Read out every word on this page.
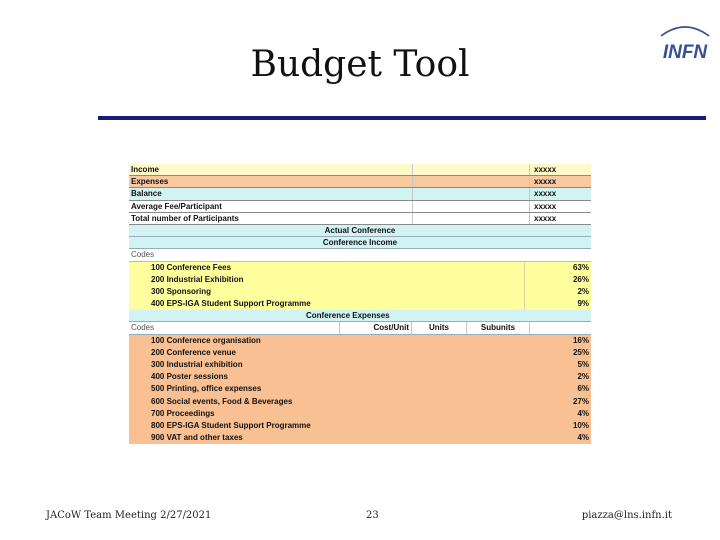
Budget Tool	INFN
Income	xxxxx
Expenses	xxxxx
Balance	xxxxx
Average Fee/Participant	xxxxx
Total number of Participants	xxxxx
Actual Conference
Conference Income
Codes
100 Conference Fees	63%
200 Industrial Exhibition	26%
300 Sponsoring	2%
400 EPS-IGA Student Support Programme	9%
Conference Expenses
Codes	Cost/Unit	Units	Subunits
100 Conference organisation	16%
200 Conference venue	25%
300 Industrial exhibition	5%
400 Poster sessions	2%
500 Printing, office expenses	6%
600 Social events, Food & Beverages	27%
700 Proceedings	4%
800 EPS-IGA Student Support Programme	10%
900 VAT and other taxes	4%
JACoW Team Meeting 2/27/2021	23	piazza@lns.infn.it
